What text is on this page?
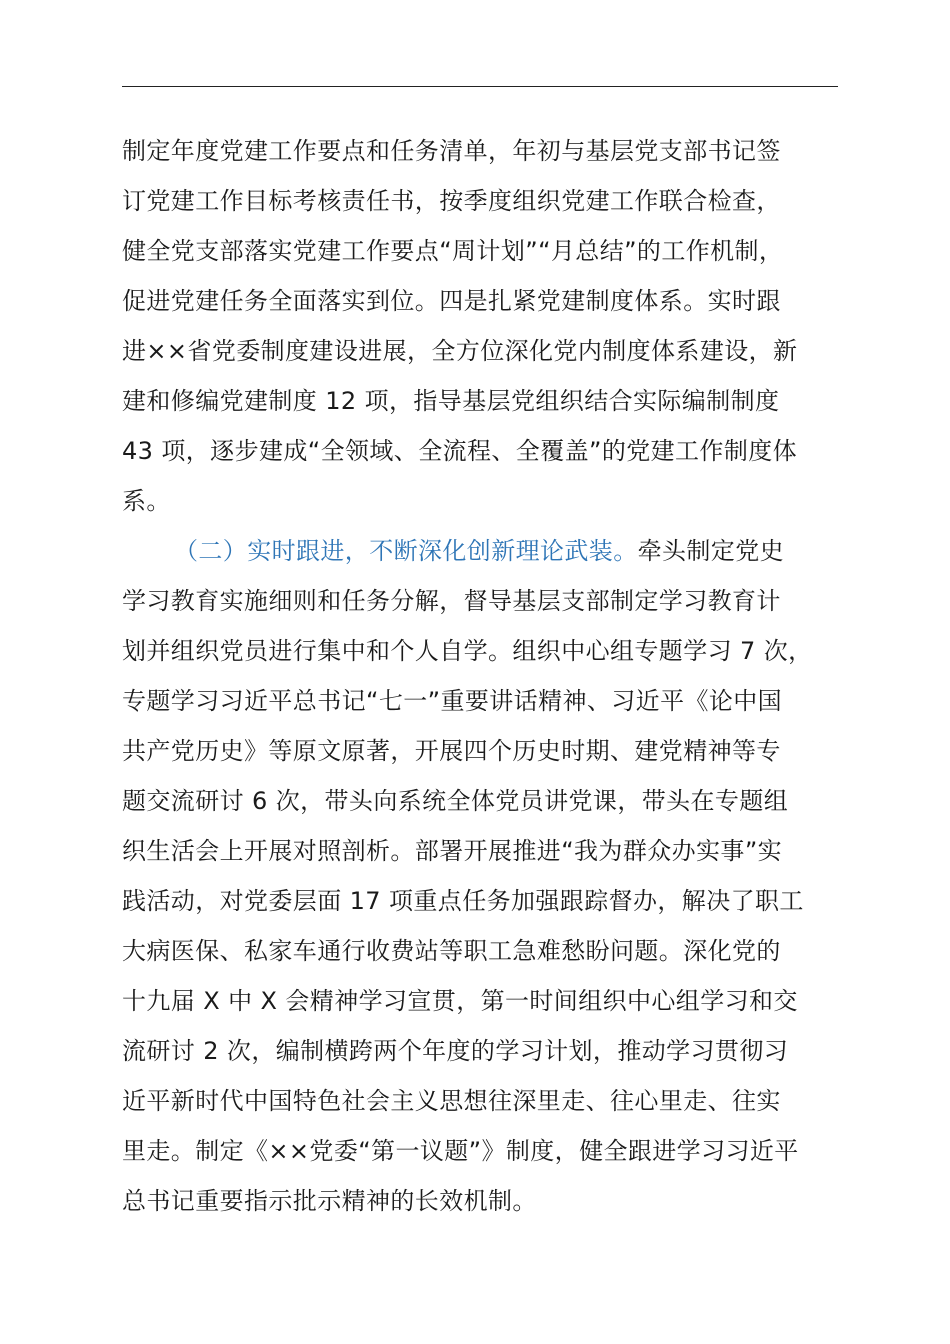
制定年度党建工作要点和任务清单，年初与基层党支部书记签
订党建工作目标考核责任书，按季度组织党建工作联合检查，
健全党支部落实党建工作要点“周计划”“月总结”的工作机制，
促进党建任务全面落实到位。四是扎紧党建制度体系。实时跟
进××省党委制度建设进展，全方位深化党内制度体系建设，新
建和修编党建制度 12 项，指导基层党组织结合实际编制制度
43 项，逐步建成“全领域、全流程、全覆盖”的党建工作制度体
系。
（二）实时跟进，不断深化创新理论武装。牵头制定党史
学习教育实施细则和任务分解，督导基层支部制定学习教育计
划并组织党员进行集中和个人自学。组织中心组专题学习 7 次，
专题学习习近平总书记“七一”重要讲话精神、习近平《论中国
共产党历史》等原文原著，开展四个历史时期、建党精神等专
题交流研讨 6 次，带头向系统全体党员讲党课，带头在专题组
织生活会上开展对照剖析。部署开展推进“我为群众办实事”实
践活动，对党委层面 17 项重点任务加强跟踪督办，解决了职工
大病医保、私家车通行收费站等职工急难愁盼问题。深化党的
十九届 X 中 X 会精神学习宣贯，第一时间组织中心组学习和交
流研讨 2 次，编制横跨两个年度的学习计划，推动学习贯彻习
近平新时代中国特色社会主义思想往深里走、往心里走、往实
里走。制定《××党委“第一议题”》制度，健全跟进学习习近平
总书记重要指示批示精神的长效机制。
